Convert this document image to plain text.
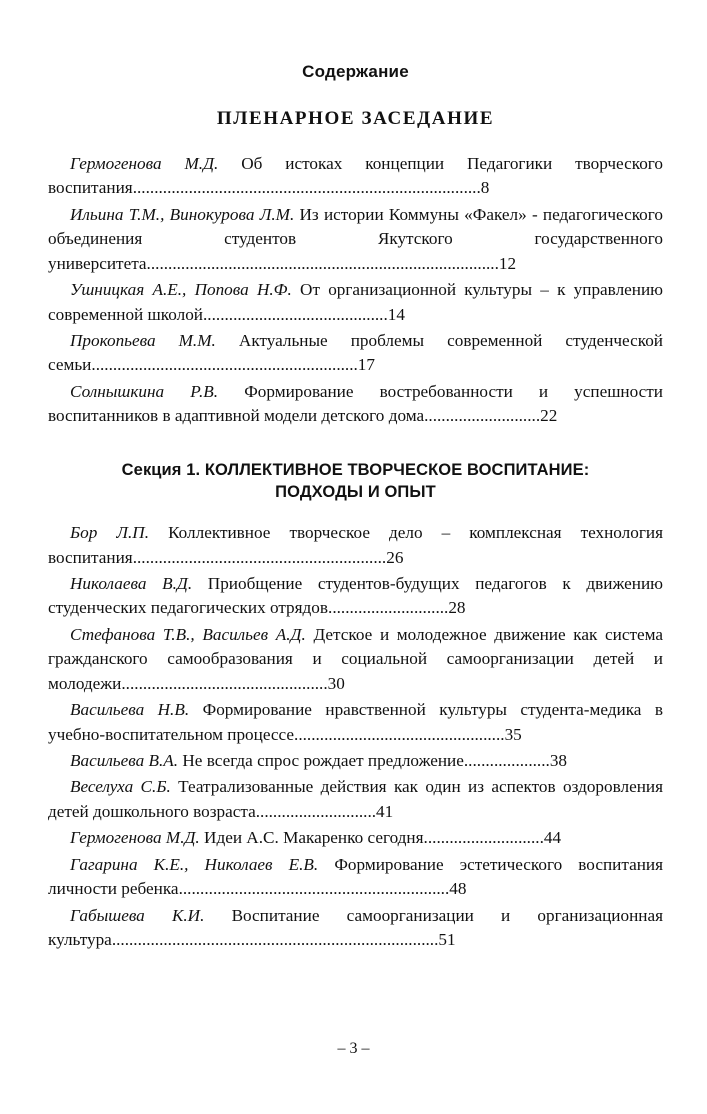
Содержание
ПЛЕНАРНОЕ ЗАСЕДАНИЕ
Гермогенова М.Д. Об истоках концепции Педагогики творческого воспитания.................................................................................8
Ильина Т.М., Винокурова Л.М. Из истории Коммуны «Факел» - педагогического объединения студентов Якутского государственного университета..................................................................................12
Ушницкая А.Е., Попова Н.Ф. От организационной культуры – к управлению современной школой...........................................14
Прокопьева М.М. Актуальные проблемы современной студенческой семьи..............................................................17
Солнышкина Р.В. Формирование востребованности и успешности воспитанников в адаптивной модели детского дома...........................22
Секция 1. КОЛЛЕКТИВНОЕ ТВОРЧЕСКОЕ ВОСПИТАНИЕ:
ПОДХОДЫ И ОПЫТ
Бор Л.П. Коллективное творческое дело – комплексная технология воспитания...........................................................26
Николаева В.Д. Приобщение студентов-будущих педагогов к движению студенческих педагогических отрядов............................28
Стефанова Т.В., Васильев А.Д. Детское и молодежное движение как система гражданского самообразования и социальной самоорганизации детей и молодежи................................................30
Васильева Н.В. Формирование нравственной культуры студента-медика в учебно-воспитательном процессе.................................................35
Васильева В.А. Не всегда спрос рождает предложение....................38
Веселуха С.Б. Театрализованные действия как один из аспектов оздоровления детей дошкольного возраста............................41
Гермогенова М.Д. Идеи А.С. Макаренко сегодня............................44
Гагарина К.Е., Николаев Е.В. Формирование эстетического воспитания личности ребенка...............................................................48
Габышева К.И. Воспитание самоорганизации и организационная культура............................................................................51
– 3 –
